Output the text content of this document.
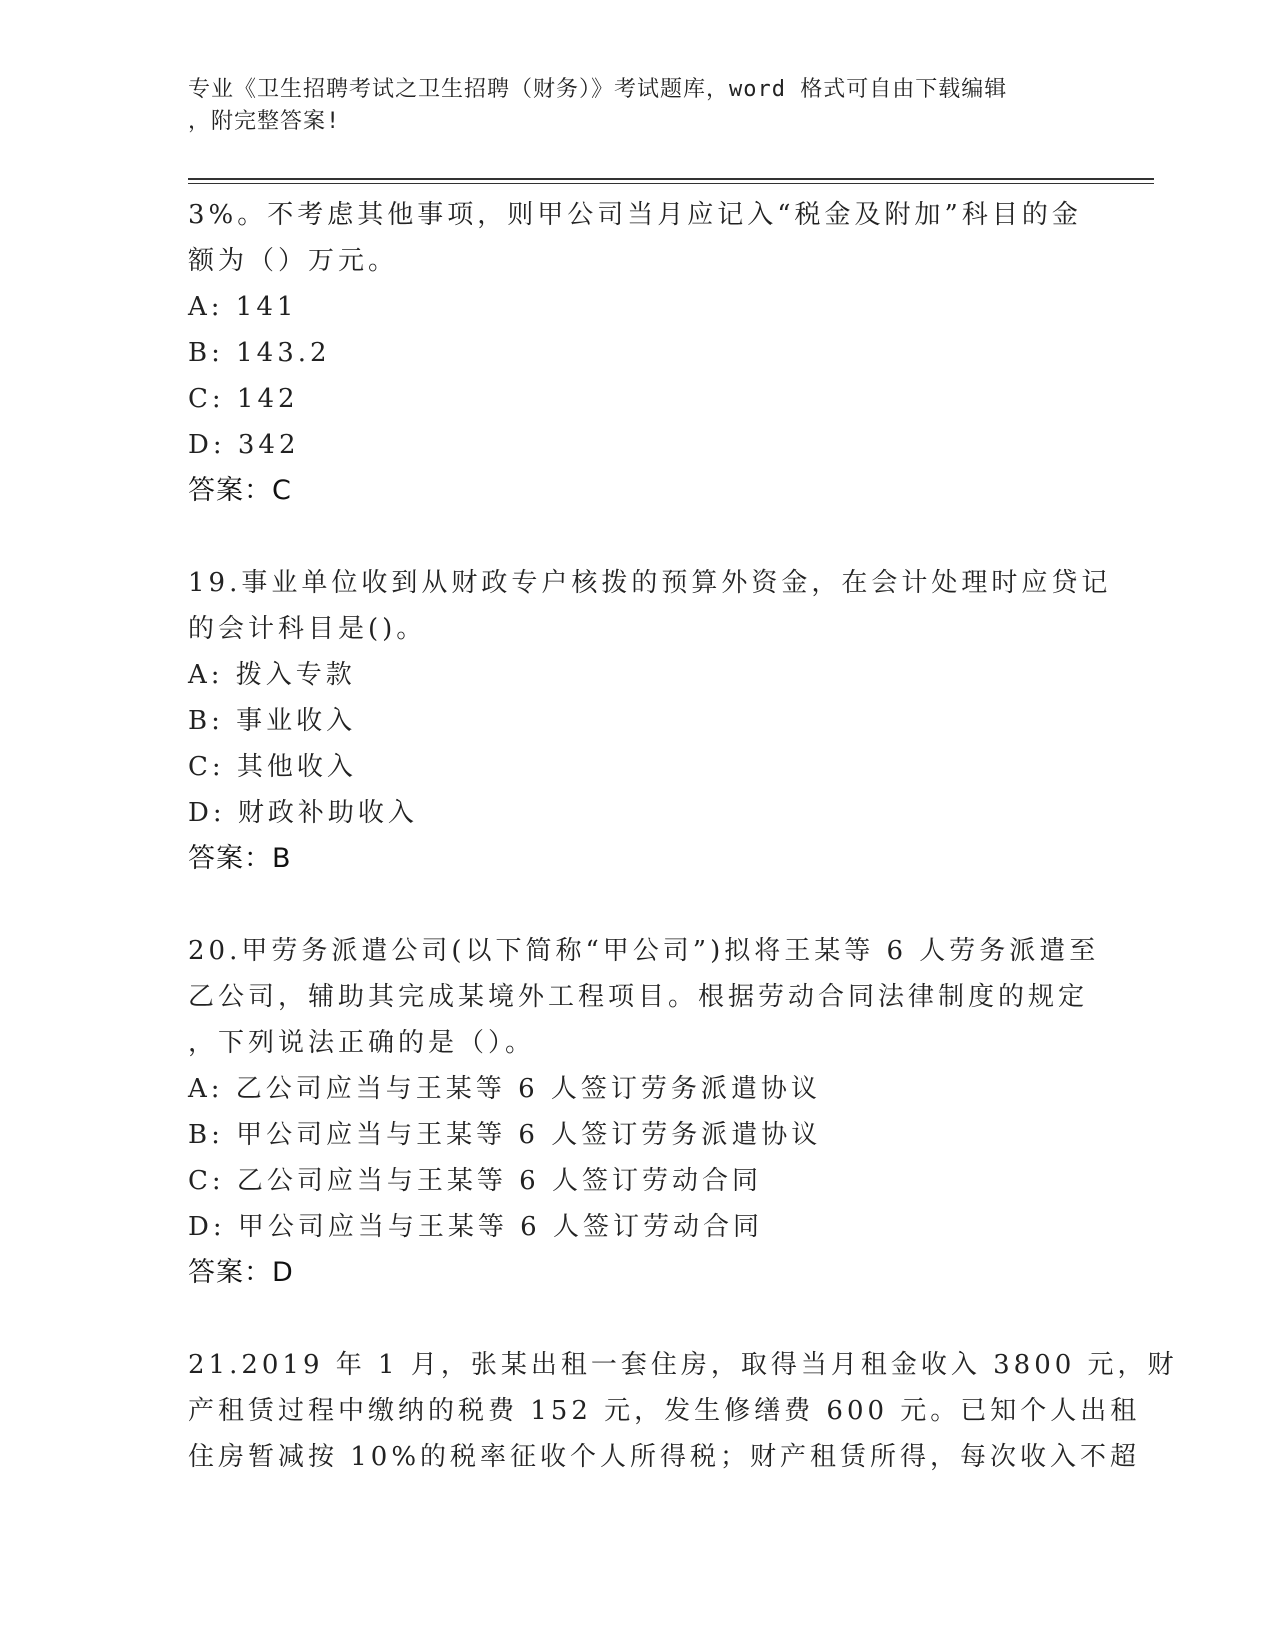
专业《卫生招聘考试之卫生招聘（财务）》考试题库，word 格式可自由下载编辑
，附完整答案!
3%。不考虑其他事项，则甲公司当月应记入“税金及附加”科目的金
额为（）万元。
A: 141
B: 143.2
C: 142
D: 342
答案：C
19.事业单位收到从财政专户核拨的预算外资金，在会计处理时应贷记
的会计科目是()。
A: 拨入专款
B: 事业收入
C: 其他收入
D: 财政补助收入
答案：B
20.甲劳务派遣公司(以下简称“甲公司”)拟将王某等 6 人劳务派遣至
乙公司，辅助其完成某境外工程项目。根据劳动合同法律制度的规定
，下列说法正确的是（）。
A: 乙公司应当与王某等 6 人签订劳务派遣协议
B: 甲公司应当与王某等 6 人签订劳务派遣协议
C: 乙公司应当与王某等 6 人签订劳动合同
D: 甲公司应当与王某等 6 人签订劳动合同
答案：D
21.2019 年 1 月，张某出租一套住房，取得当月租金收入 3800 元，财
产租赁过程中缴纳的税费 152 元，发生修缮费 600 元。已知个人出租
住房暂减按 10%的税率征收个人所得税；财产租赁所得，每次收入不超
